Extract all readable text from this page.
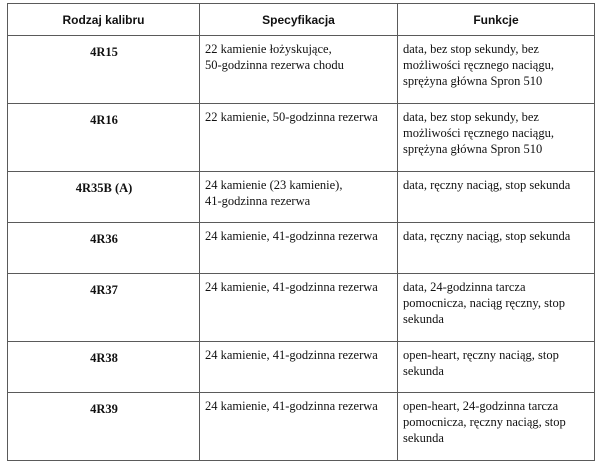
Rodzaj kalibru	Specyfikacja	Funkcje
4R15	22 kamienie łożyskujące,
50-godzinna rezerwa chodu	data, bez stop sekundy, bez
możliwości ręcznego naciągu,
sprężyna główna Spron 510
4R16	22 kamienie, 50-godzinna rezerwa	data, bez stop sekundy, bez
możliwości ręcznego naciągu,
sprężyna główna Spron 510
4R35B (A)	24 kamienie (23 kamienie),
41-godzinna rezerwa	data, ręczny naciąg, stop sekunda
4R36	24 kamienie, 41-godzinna rezerwa	data, ręczny naciąg, stop sekunda
4R37	24 kamienie, 41-godzinna rezerwa	data, 24-godzinna tarcza
pomocnicza, naciąg ręczny, stop
sekunda
4R38	24 kamienie, 41-godzinna rezerwa	open-heart, ręczny naciąg, stop
sekunda
4R39	24 kamienie, 41-godzinna rezerwa	open-heart, 24-godzinna tarcza
pomocnicza, ręczny naciąg, stop
sekunda
